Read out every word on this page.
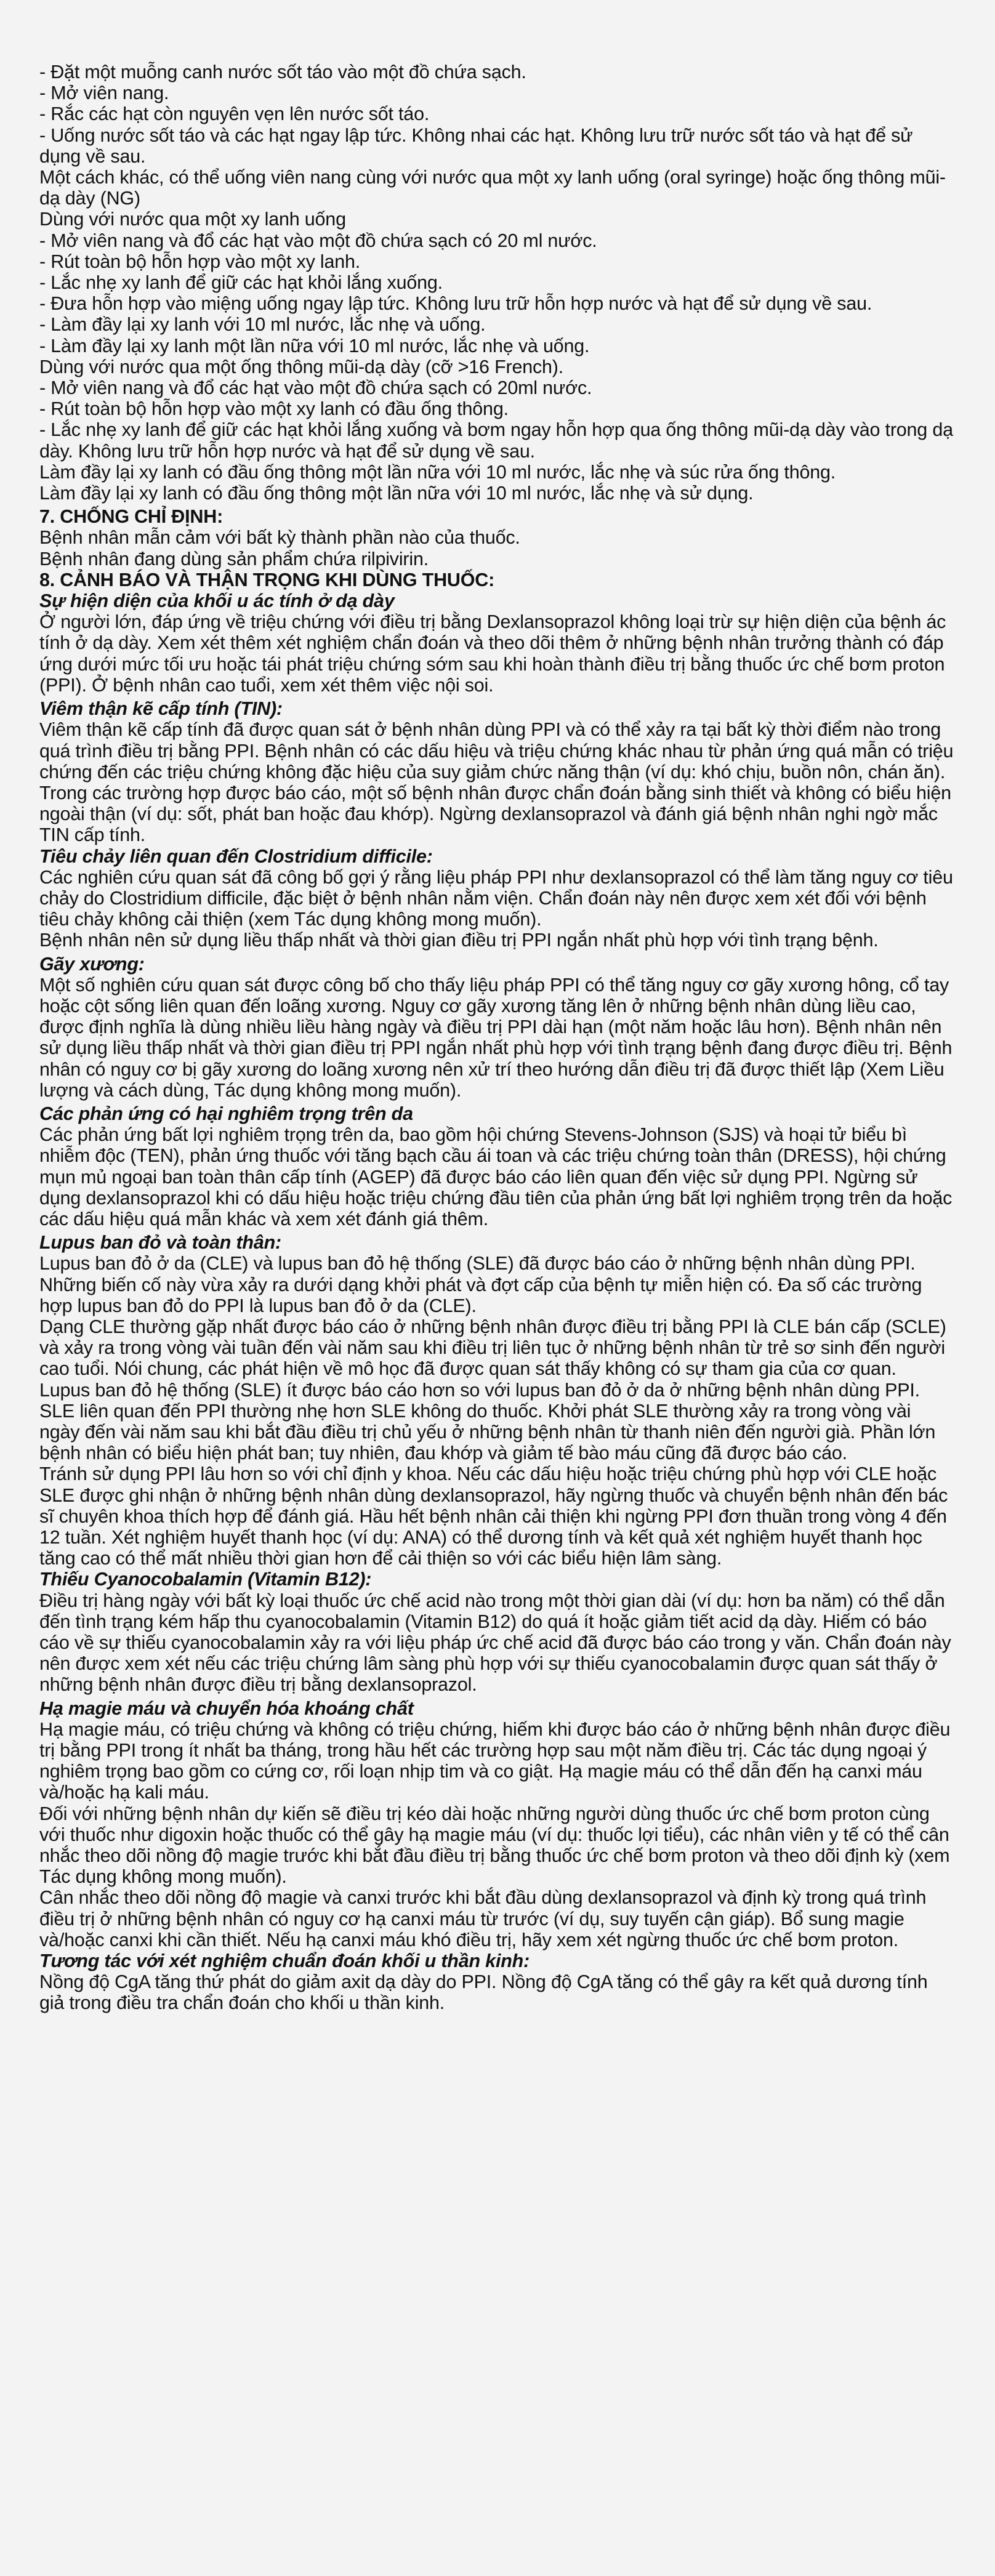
- Đặt một muỗng canh nước sốt táo vào một đồ chứa sạch.

- Mở viên nang.

- Rắc các hạt còn nguyên vẹn lên nước sốt táo.

- Uống nước sốt táo và các hạt ngay lập tức. Không nhai các hạt. Không lưu trữ nước sốt táo và hạt để sử dụng về sau.

Một cách khác, có thể uống viên nang cùng với nước qua một xy lanh uống (oral syringe) hoặc ống thông mũi-dạ dày (NG)

Dùng với nước qua một xy lanh uống

- Mở viên nang và đổ các hạt vào một đồ chứa sạch có 20 ml nước.

- Rút toàn bộ hỗn hợp vào một xy lanh.

- Lắc nhẹ xy lanh để giữ các hạt khỏi lắng xuống.

- Đưa hỗn hợp vào miệng uống ngay lập tức. Không lưu trữ hỗn hợp nước và hạt để sử dụng về sau.

- Làm đầy lại xy lanh với 10 ml nước, lắc nhẹ và uống.

- Làm đầy lại xy lanh một lần nữa với 10 ml nước, lắc nhẹ và uống.

Dùng với nước qua một ống thông mũi-dạ dày (cỡ >16 French).

- Mở viên nang và đổ các hạt vào một đồ chứa sạch có 20ml nước.

- Rút toàn bộ hỗn hợp vào một xy lanh có đầu ống thông.

- Lắc nhẹ xy lanh để giữ các hạt khỏi lắng xuống và bơm ngay hỗn hợp qua ống thông mũi-dạ dày vào trong dạ dày. Không lưu trữ hỗn hợp nước và hạt để sử dụng về sau.

Làm đầy lại xy lanh có đầu ống thông một lần nữa với 10 ml nước, lắc nhẹ và súc rửa ống thông.

Làm đầy lại xy lanh có đầu ống thông một lần nữa với 10 ml nước, lắc nhẹ và sử dụng.

7. CHỐNG CHỈ ĐỊNH:

Bệnh nhân mẫn cảm với bất kỳ thành phần nào của thuốc.

Bệnh nhân đang dùng sản phẩm chứa rilpivirin.

8. CẢNH BÁO VÀ THẬN TRỌNG KHI DÙNG THUỐC:

Sự hiện diện của khối u ác tính ở dạ dày

Ở người lớn, đáp ứng về triệu chứng với điều trị bằng Dexlansoprazol không loại trừ sự hiện diện của bệnh ác tính ở dạ dày. Xem xét thêm xét nghiệm chẩn đoán và theo dõi thêm ở những bệnh nhân trưởng thành có đáp ứng dưới mức tối ưu hoặc tái phát triệu chứng sớm sau khi hoàn thành điều trị bằng thuốc ức chế bơm proton (PPI). Ở bệnh nhân cao tuổi, xem xét thêm việc nội soi.

Viêm thận kẽ cấp tính (TIN):

Viêm thận kẽ cấp tính đã được quan sát ở bệnh nhân dùng PPI và có thể xảy ra tại bất kỳ thời điểm nào trong quá trình điều trị bằng PPI. Bệnh nhân có các dấu hiệu và triệu chứng khác nhau từ phản ứng quá mẫn có triệu chứng đến các triệu chứng không đặc hiệu của suy giảm chức năng thận (ví dụ: khó chịu, buồn nôn, chán ăn). Trong các trường hợp được báo cáo, một số bệnh nhân được chẩn đoán bằng sinh thiết và không có biểu hiện ngoài thận (ví dụ: sốt, phát ban hoặc đau khớp). Ngừng dexlansoprazol và đánh giá bệnh nhân nghi ngờ mắc TIN cấp tính.

Tiêu chảy liên quan đến Clostridium difficile:

Các nghiên cứu quan sát đã công bố gợi ý rằng liệu pháp PPI như dexlansoprazol có thể làm tăng nguy cơ tiêu chảy do Clostridium difficile, đặc biệt ở bệnh nhân nằm viện. Chẩn đoán này nên được xem xét đối với bệnh tiêu chảy không cải thiện (xem Tác dụng không mong muốn).

Bệnh nhân nên sử dụng liều thấp nhất và thời gian điều trị PPI ngắn nhất phù hợp với tình trạng bệnh.

Gãy xương:

Một số nghiên cứu quan sát được công bố cho thấy liệu pháp PPI có thể tăng nguy cơ gãy xương hông, cổ tay hoặc cột sống liên quan đến loãng xương. Nguy cơ gãy xương tăng lên ở những bệnh nhân dùng liều cao, được định nghĩa là dùng nhiều liều hàng ngày và điều trị PPI dài hạn (một năm hoặc lâu hơn). Bệnh nhân nên sử dụng liều thấp nhất và thời gian điều trị PPI ngắn nhất phù hợp với tình trạng bệnh đang được điều trị. Bệnh nhân có nguy cơ bị gãy xương do loãng xương nên xử trí theo hướng dẫn điều trị đã được thiết lập (Xem Liều lượng và cách dùng, Tác dụng không mong muốn).

Các phản ứng có hại nghiêm trọng trên da

Các phản ứng bất lợi nghiêm trọng trên da, bao gồm hội chứng Stevens-Johnson (SJS) và hoại tử biểu bì nhiễm độc (TEN), phản ứng thuốc với tăng bạch cầu ái toan và các triệu chứng toàn thân (DRESS), hội chứng mụn mủ ngoại ban toàn thân cấp tính (AGEP) đã được báo cáo liên quan đến việc sử dụng PPI. Ngừng sử dụng dexlansoprazol khi có dấu hiệu hoặc triệu chứng đầu tiên của phản ứng bất lợi nghiêm trọng trên da hoặc các dấu hiệu quá mẫn khác và xem xét đánh giá thêm.

Lupus ban đỏ và toàn thân:

Lupus ban đỏ ở da (CLE) và lupus ban đỏ hệ thống (SLE) đã được báo cáo ở những bệnh nhân dùng PPI. Những biến cố này vừa xảy ra dưới dạng khởi phát và đợt cấp của bệnh tự miễn hiện có. Đa số các trường hợp lupus ban đỏ do PPI là lupus ban đỏ ở da (CLE).

Dạng CLE thường gặp nhất được báo cáo ở những bệnh nhân được điều trị bằng PPI là CLE bán cấp (SCLE) và xảy ra trong vòng vài tuần đến vài năm sau khi điều trị liên tục ở những bệnh nhân từ trẻ sơ sinh đến người cao tuổi. Nói chung, các phát hiện về mô học đã được quan sát thấy không có sự tham gia của cơ quan.

Lupus ban đỏ hệ thống (SLE) ít được báo cáo hơn so với lupus ban đỏ ở da ở những bệnh nhân dùng PPI. SLE liên quan đến PPI thường nhẹ hơn SLE không do thuốc. Khởi phát SLE thường xảy ra trong vòng vài ngày đến vài năm sau khi bắt đầu điều trị chủ yếu ở những bệnh nhân từ thanh niên đến người già. Phần lớn bệnh nhân có biểu hiện phát ban; tuy nhiên, đau khớp và giảm tế bào máu cũng đã được báo cáo.

Tránh sử dụng PPI lâu hơn so với chỉ định y khoa. Nếu các dấu hiệu hoặc triệu chứng phù hợp với CLE hoặc SLE được ghi nhận ở những bệnh nhân dùng dexlansoprazol, hãy ngừng thuốc và chuyển bệnh nhân đến bác sĩ chuyên khoa thích hợp để đánh giá. Hầu hết bệnh nhân cải thiện khi ngừng PPI đơn thuần trong vòng 4 đến 12 tuần. Xét nghiệm huyết thanh học (ví dụ: ANA) có thể dương tính và kết quả xét nghiệm huyết thanh học tăng cao có thể mất nhiều thời gian hơn để cải thiện so với các biểu hiện lâm sàng.

Thiếu Cyanocobalamin (Vitamin B12):

Điều trị hàng ngày với bất kỳ loại thuốc ức chế acid nào trong một thời gian dài (ví dụ: hơn ba năm) có thể dẫn đến tình trạng kém hấp thu cyanocobalamin (Vitamin B12) do quá ít hoặc giảm tiết acid dạ dày. Hiếm có báo cáo về sự thiếu cyanocobalamin xảy ra với liệu pháp ức chế acid đã được báo cáo trong y văn. Chẩn đoán này nên được xem xét nếu các triệu chứng lâm sàng phù hợp với sự thiếu cyanocobalamin được quan sát thấy ở những bệnh nhân được điều trị bằng dexlansoprazol.

Hạ magie máu và chuyển hóa khoáng chất

Hạ magie máu, có triệu chứng và không có triệu chứng, hiếm khi được báo cáo ở những bệnh nhân được điều trị bằng PPI trong ít nhất ba tháng, trong hầu hết các trường hợp sau một năm điều trị. Các tác dụng ngoại ý nghiêm trọng bao gồm co cứng cơ, rối loạn nhịp tim và co giật. Hạ magie máu có thể dẫn đến hạ canxi máu và/hoặc hạ kali máu.

Đối với những bệnh nhân dự kiến sẽ điều trị kéo dài hoặc những người dùng thuốc ức chế bơm proton cùng với thuốc như digoxin hoặc thuốc có thể gây hạ magie máu (ví dụ: thuốc lợi tiểu), các nhân viên y tế có thể cân nhắc theo dõi nồng độ magie trước khi bắt đầu điều trị bằng thuốc ức chế bơm proton và theo dõi định kỳ (xem Tác dụng không mong muốn).

Cân nhắc theo dõi nồng độ magie và canxi trước khi bắt đầu dùng dexlansoprazol và định kỳ trong quá trình điều trị ở những bệnh nhân có nguy cơ hạ canxi máu từ trước (ví dụ, suy tuyến cận giáp). Bổ sung magie và/hoặc canxi khi cần thiết. Nếu hạ canxi máu khó điều trị, hãy xem xét ngừng thuốc ức chế bơm proton.

Tương tác với xét nghiệm chuẩn đoán khối u thần kinh:

Nồng độ CgA tăng thứ phát do giảm axit dạ dày do PPI. Nồng độ CgA tăng có thể gây ra kết quả dương tính giả trong điều tra chẩn đoán cho khối u thần kinh.
